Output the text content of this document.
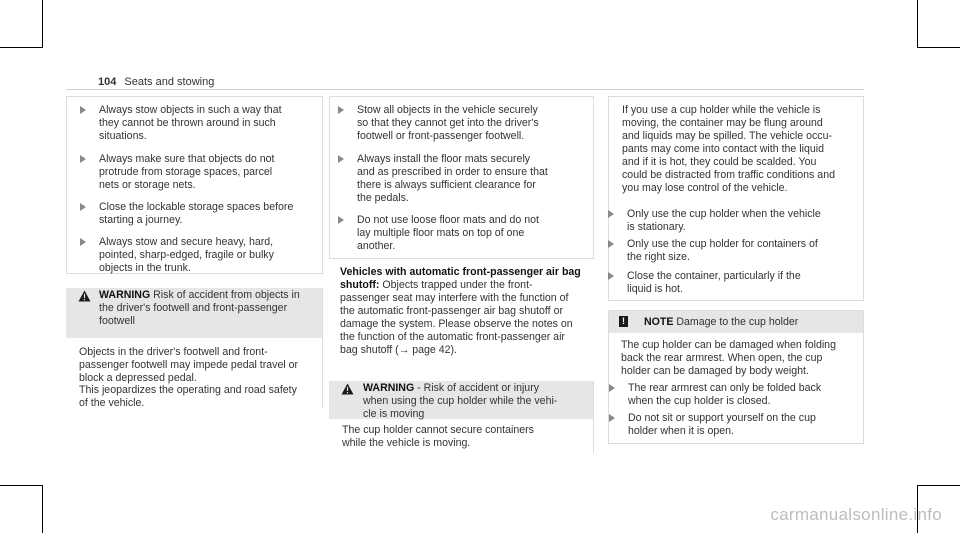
104 Seats and stowing
Always stow objects in such a way that
they cannot be thrown around in such
situations.
Always make sure that objects do not
protrude from storage spaces, parcel
nets or storage nets.
Close the lockable storage spaces before
starting a journey.
Always stow and secure heavy, hard,
pointed, sharp-edged, fragile or bulky
objects in the trunk.
WARNING Risk of accident from objects in
the driver's footwell and front-passenger
footwell
Objects in the driver's footwell and front-
passenger footwell may impede pedal travel or
block a depressed pedal.
This jeopardizes the operating and road safety
of the vehicle.
Stow all objects in the vehicle securely
so that they cannot get into the driver's
footwell or front-passenger footwell.
Always install the floor mats securely
and as prescribed in order to ensure that
there is always sufficient clearance for
the pedals.
Do not use loose floor mats and do not
lay multiple floor mats on top of one
another.
Vehicles with automatic front-passenger air bag
shutoff: Objects trapped under the front-
passenger seat may interfere with the function of
the automatic front-passenger air bag shutoff or
damage the system. Please observe the notes on
the function of the automatic front-passenger air
bag shutoff (→ page 42).
WARNING - Risk of accident or injury
when using the cup holder while the vehi-
cle is moving
The cup holder cannot secure containers
while the vehicle is moving.
If you use a cup holder while the vehicle is
moving, the container may be flung around
and liquids may be spilled. The vehicle occu-
pants may come into contact with the liquid
and if it is hot, they could be scalded. You
could be distracted from traffic conditions and
you may lose control of the vehicle.
Only use the cup holder when the vehicle
is stationary.
Only use the cup holder for containers of
the right size.
Close the container, particularly if the
liquid is hot.
! NOTE Damage to the cup holder
The cup holder can be damaged when folding
back the rear armrest. When open, the cup
holder can be damaged by body weight.
The rear armrest can only be folded back
when the cup holder is closed.
Do not sit or support yourself on the cup
holder when it is open.
carmanualsonline.info
